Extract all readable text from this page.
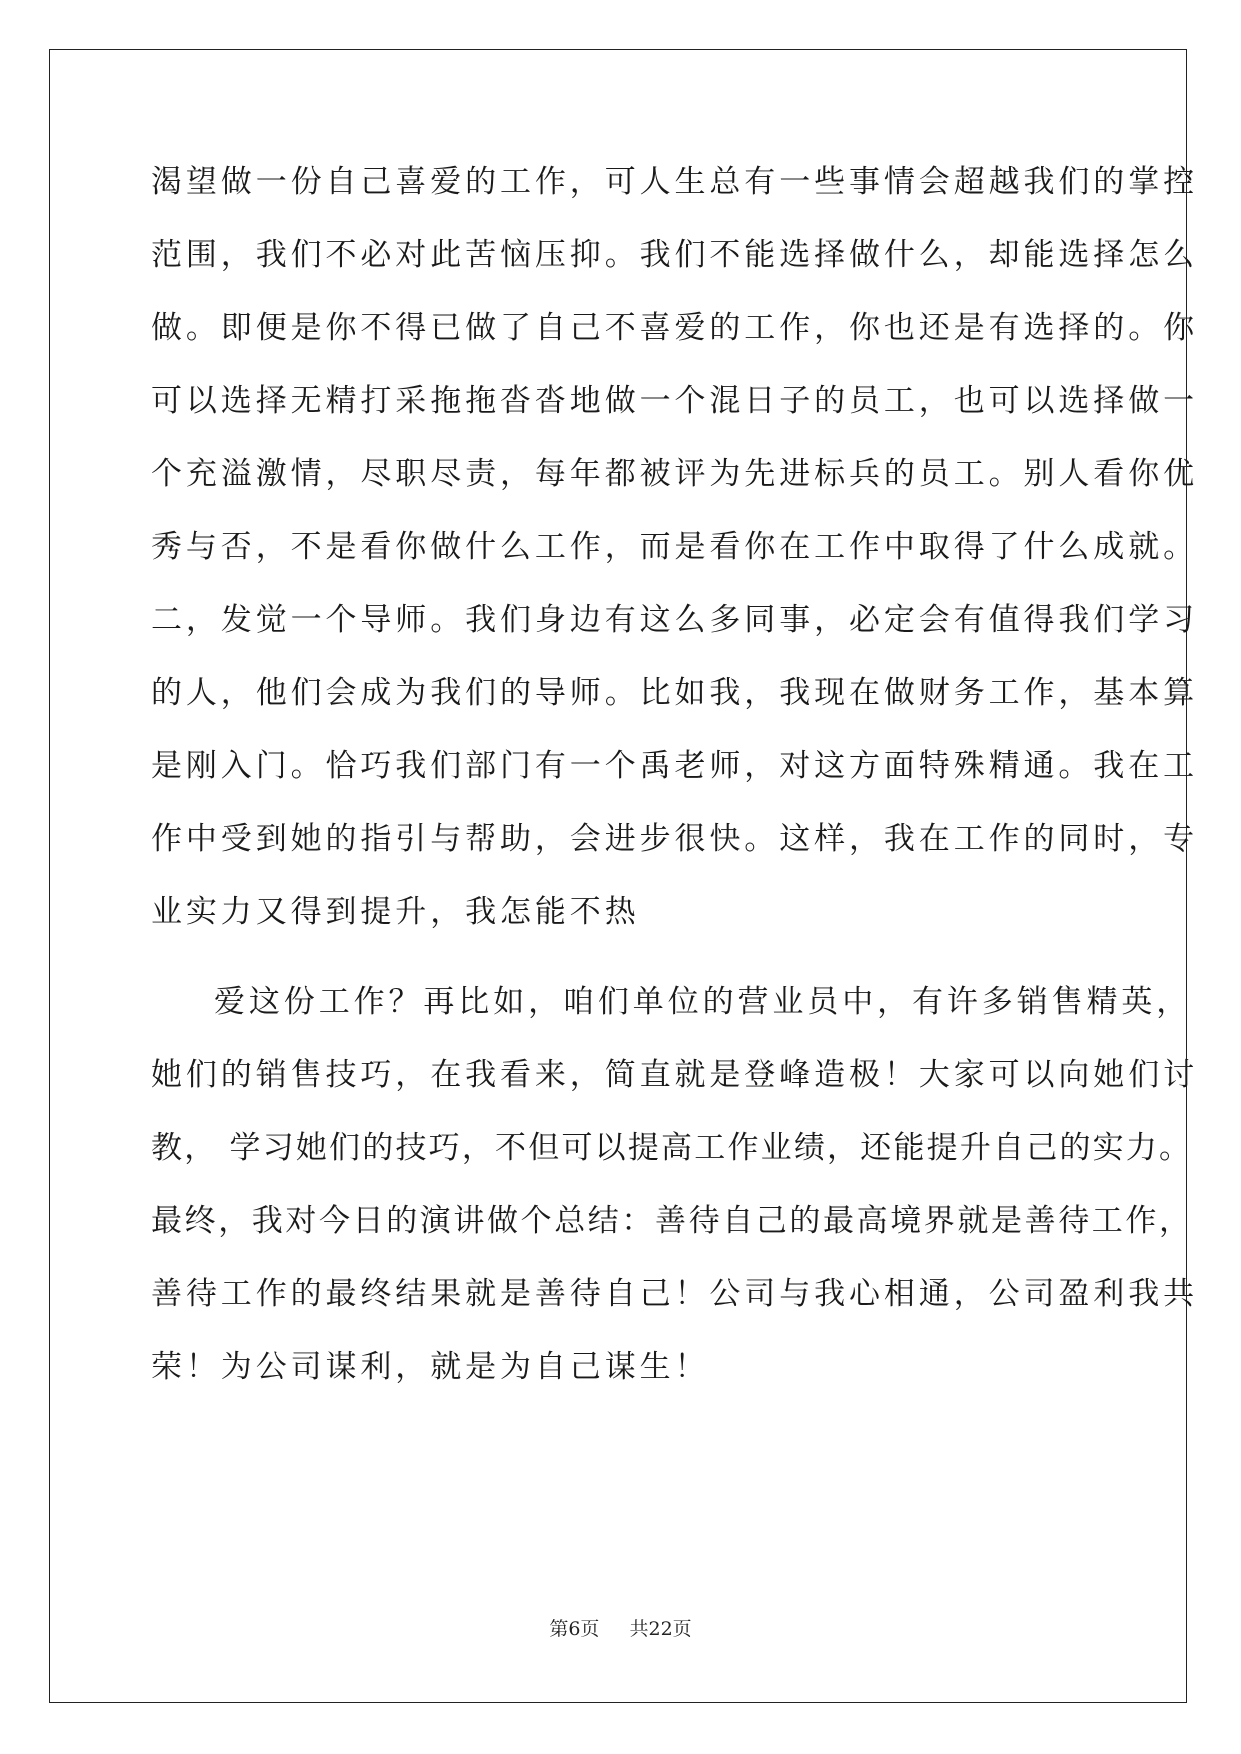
渴望做一份自己喜爱的工作，可人生总有一些事情会超越我们的掌控
范围，我们不必对此苦恼压抑。我们不能选择做什么，却能选择怎么
做。即便是你不得已做了自己不喜爱的工作，你也还是有选择的。你
可以选择无精打采拖拖沓沓地做一个混日子的员工，也可以选择做一
个充溢激情，尽职尽责，每年都被评为先进标兵的员工。别人看你优
秀与否，不是看你做什么工作，而是看你在工作中取得了什么成就。
二，发觉一个导师。我们身边有这么多同事，必定会有值得我们学习
的人，他们会成为我们的导师。比如我，我现在做财务工作，基本算
是刚入门。恰巧我们部门有一个禹老师，对这方面特殊精通。我在工
作中受到她的指引与帮助，会进步很快。这样，我在工作的同时，专
业实力又得到提升，我怎能不热
爱这份工作？再比如，咱们单位的营业员中，有许多销售精英，
她们的销售技巧，在我看来，简直就是登峰造极！大家可以向她们讨
教， 学习她们的技巧，不但可以提高工作业绩，还能提升自己的实力。
最终，我对今日的演讲做个总结：善待自己的最高境界就是善待工作，
善待工作的最终结果就是善待自己！公司与我心相通，公司盈利我共
荣！为公司谋利，就是为自己谋生！
第6页 共22页
